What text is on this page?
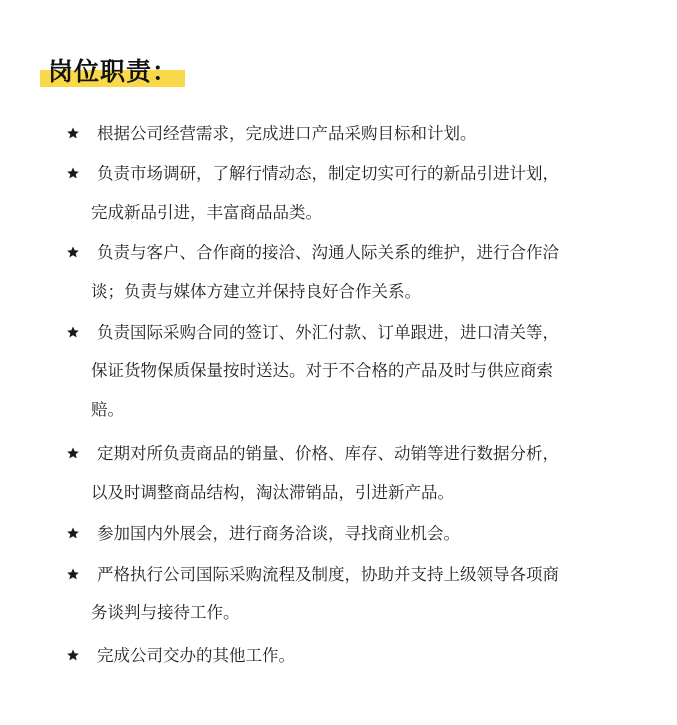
岗位职责：
根据公司经营需求，完成进口产品采购目标和计划。
负责市场调研，了解行情动态，制定切实可行的新品引进计划，
完成新品引进，丰富商品品类。
负责与客户、合作商的接洽、沟通人际关系的维护，进行合作洽
谈；负责与媒体方建立并保持良好合作关系。
负责国际采购合同的签订、外汇付款、订单跟进，进口清关等，
保证货物保质保量按时送达。对于不合格的产品及时与供应商索
赔。
定期对所负责商品的销量、价格、库存、动销等进行数据分析，
以及时调整商品结构，淘汰滞销品，引进新产品。
参加国内外展会，进行商务洽谈，寻找商业机会。
严格执行公司国际采购流程及制度，协助并支持上级领导各项商
务谈判与接待工作。
完成公司交办的其他工作。
